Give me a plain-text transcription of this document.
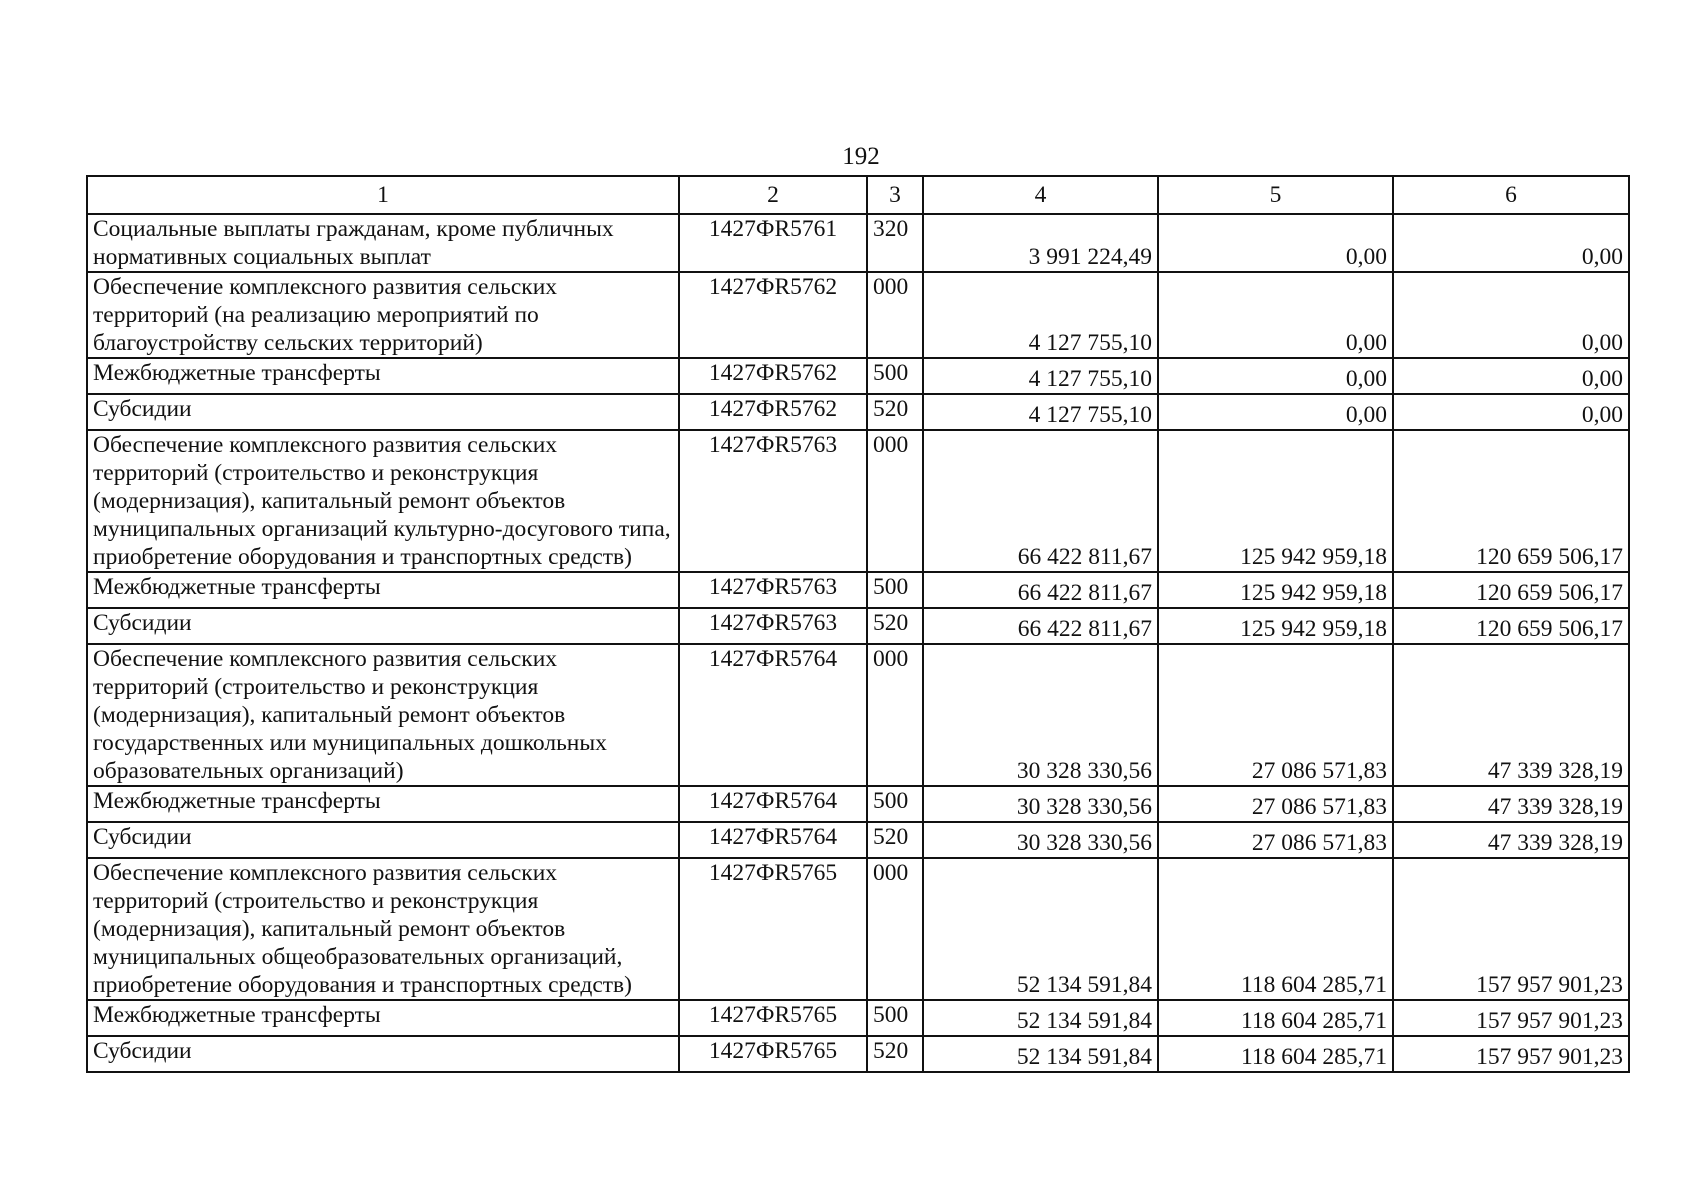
192
1	2	3	4	5	6
Социальные выплаты гражданам, кроме публичных нормативных социальных выплат	1427ФR5761	320	3 991 224,49	0,00	0,00
Обеспечение комплексного развития сельских территорий (на реализацию мероприятий по благоустройству сельских территорий)	1427ФR5762	000	4 127 755,10	0,00	0,00
Межбюджетные трансферты	1427ФR5762	500	4 127 755,10	0,00	0,00
Субсидии	1427ФR5762	520	4 127 755,10	0,00	0,00
Обеспечение комплексного развития сельских территорий (строительство и реконструкция (модернизация), капитальный ремонт объектов муниципальных организаций культурно-досугового типа, приобретение оборудования и транспортных средств)	1427ФR5763	000	66 422 811,67	125 942 959,18	120 659 506,17
Межбюджетные трансферты	1427ФR5763	500	66 422 811,67	125 942 959,18	120 659 506,17
Субсидии	1427ФR5763	520	66 422 811,67	125 942 959,18	120 659 506,17
Обеспечение комплексного развития сельских территорий (строительство и реконструкция (модернизация), капитальный ремонт объектов государственных или муниципальных дошкольных образовательных организаций)	1427ФR5764	000	30 328 330,56	27 086 571,83	47 339 328,19
Межбюджетные трансферты	1427ФR5764	500	30 328 330,56	27 086 571,83	47 339 328,19
Субсидии	1427ФR5764	520	30 328 330,56	27 086 571,83	47 339 328,19
Обеспечение комплексного развития сельских территорий (строительство и реконструкция (модернизация), капитальный ремонт объектов муниципальных общеобразовательных организаций, приобретение оборудования и транспортных средств)	1427ФR5765	000	52 134 591,84	118 604 285,71	157 957 901,23
Межбюджетные трансферты	1427ФR5765	500	52 134 591,84	118 604 285,71	157 957 901,23
Субсидии	1427ФR5765	520	52 134 591,84	118 604 285,71	157 957 901,23
